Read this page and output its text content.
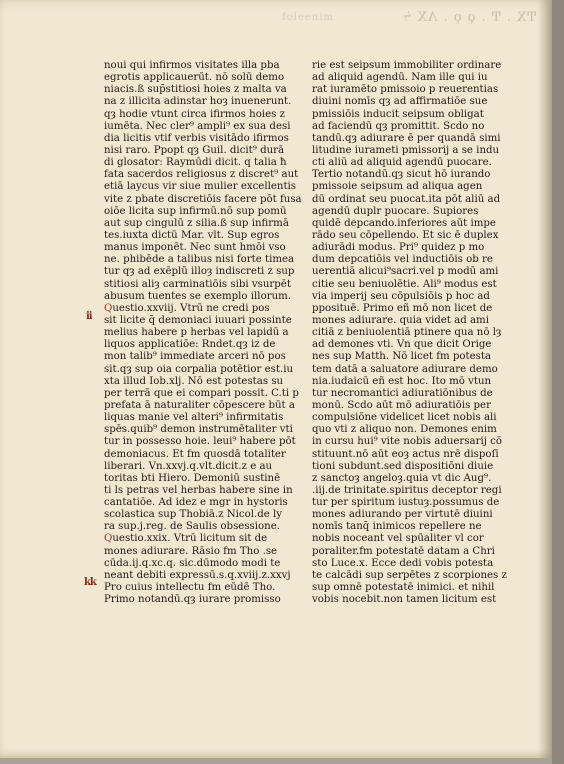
foleenim	ͲX . Ͳ . ǫ ǫ . ɅX ϟ
noui qui infirmos visitates illa pba
egrotis applicauerūt. nō solū demo
niacis.ß sup̄stitiosi hoies z malta va
na z illicita adinstar hoȝ inuenerunt.
qȝ hodie vtunt circa ifirmos hoies z
iumēta. Nec cler⁹ ampli⁹ ex sua desi
dia licitis vtif verbis visitādo ifirmos
nisi raro. Ppopt qȝ Guil. dicit⁹ durā
di glosator: Raymūdi dicit. q talia ħ
fata sacerdos religiosus z discret⁹ aut
etiā laycus vir siue mulier excellentis
vite z pbate discretiōis facere pōt fusa
oiōe licita sup infirmū.nō sup pomū
aut sup cingulū z silia.ß sup infirmā
tes.iuxta dictū Mar. vlt. Sup egros
manus imponēt. Nec sunt hmōi vso
ne. phibēde a talibus nisi forte timea
tur qȝ ad exēplū illoȝ indiscreti z sup
stitiosi aliȝ carminatiōis sibi vsurpēt
abusum tuentes se exemplo illorum.
Questio.xxviij. Vtrū ne credi pos
sit licite q̄ demoniaci iuuari possinte
melius habere p herbas vel lapidū a
liquos applicatiōe: Rndet.qȝ iz de
mon talib⁹ immediate arceri nō pos
sit.qȝ sup oia corpalia potētior est.iu
xta illud Iob.xlj. Nō est potestas su
per terrā que ei compari possit. C.ti p
prefata ā naturaliter cōpescere būt a
liquas manie vel alteri⁹ infirmitatis
spēs.quib⁹ demon instrumētaliter vti
tur in possesso hoie. leui⁹ habere pōt
demoniacus. Et fm quosdā totaliter
liberari. Vn.xxvj.q.vlt.dicit.z e au
toritas bti Hiero. Demoniū sustinē
ti ls petras vel herbas habere sine in
cantatiōe. Ad idez e mgr in hystoris
scolastica sup Thobiā.z Nicol.de ly
ra sup.j.reg. de Saulis obsessione.
Questio.xxix. Vtrū licitum sit de
mones adiurare. Rāsio fm Tho .se
cūda.ij.q.xc.q. sic.dūmodo modi te
neant debiti expressū.s.q.xviij.z.xxvj
Pro cuius intellectu fm eūdē Tho.
Primo notandū.qȝ iurare promisso
rie est seipsum immobiliter ordinare
ad aliquid agendū. Nam ille qui iu
rat iuramēto pmissoio p reuerentias
diuini nomīs qȝ ad affirmatiōe sue
pmissiōis inducit seipsum obligat
ad faciendū qȝ promittit. Scdo no
tandū.qȝ adiurare ē per quandā simi
litudine iurameti pmissorij a se indu
cti aliū ad aliquid agendū puocare.
Tertio notandū.qȝ sicut hō iurando
pmissoie seipsum ad aliqua agen
dū ordinat seu puocat.ita pōt aliū ad
agendū duplr puocare. Supiores
quidē depcando.inferiores aūt impe
rādo seu cōpellendo. Et sic ē duplex
adiurādi modus. Pri⁹ quidez p mo
dum depcatiōis vel inductiōis ob re
uerentiā alicui⁹sacri.vel p modū ami
citie seu beniuolētie. Ali⁹ modus est
via imperij seu cōpulsiōis p hoc ad
pposituē. Primo eñ mō non licet de
mones adiurare. quia videt ad ami
citiā z beniuolentiā ptinere qua nō lȝ
ad demones vti. Vn que dicit Orige
nes sup Matth. Nō licet fm potesta
tem datā a saluatore adiurare demo
nia.iudaicū eñ est hoc. Ito mō vtun
tur necromantici adiuratiōnibus de
monū. Scdo aūt mō adiuratiōis per
compulsiōne videlicet licet nobis ali
quo vti z aliquo non. Demones enim
in cursu hui⁹ vite nobis aduersarij cō
stituunt.nō aūt eoȝ actus nrē dispoſī
tioni subdunt.sed dispositiōni diuie
z sanctoȝ angeloȝ.quia vt dic Aug⁹.
.iij.de trinitate.spiritus deceptor regi
tur per spiritum iustuȝ.possumus de
mones adiurando per virtutē diuini
nomīs tanq̄ inimicos repellere ne
nobis noceant vel spūaliter vl̄ cor
poraliter.fm potestatē datam a Chri
sto Luce.x. Ecce dedi vobis potesta
te calcādi sup serpētes z scorpiones z
sup omnē potestatē inimici. et nihil
vobis nocebit.non tamen licitum est
ii
kk
